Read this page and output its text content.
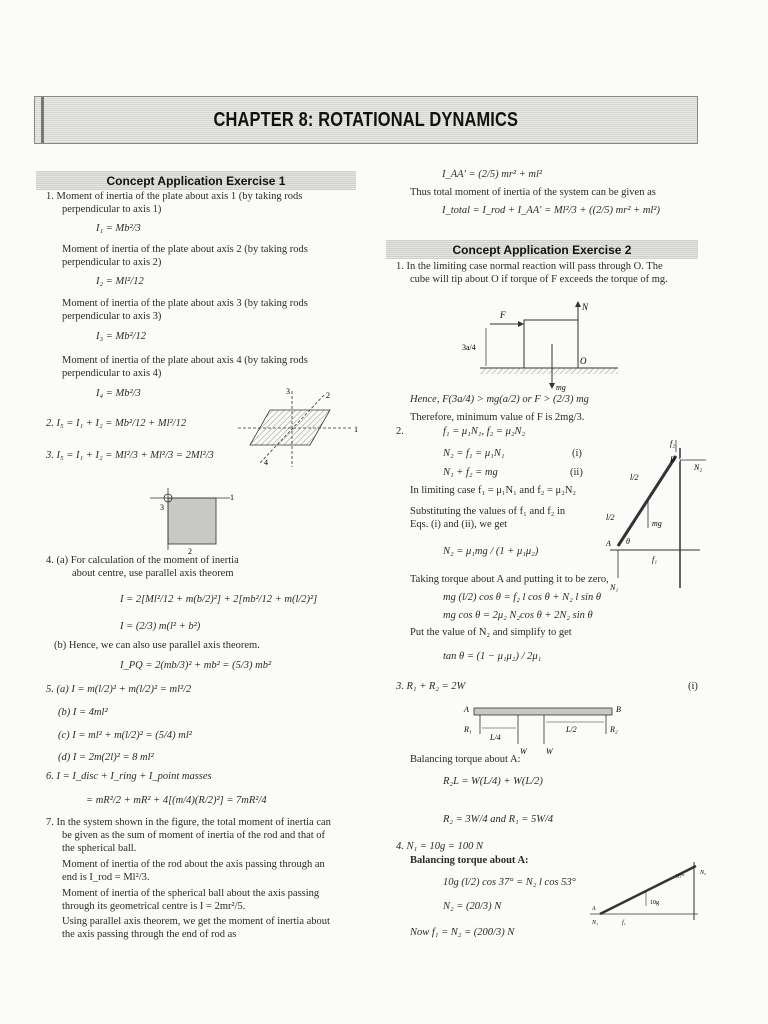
CHAPTER 8: ROTATIONAL DYNAMICS
Concept Application Exercise 1
Concept Application Exercise 2
1. Moment of inertia of the plate about axis 1 (by taking rods
perpendicular to axis 1)
I₁ = Mb²/3
Moment of inertia of the plate about axis 2 (by taking rods
perpendicular to axis 2)
I₂ = Ml²/12
Moment of inertia of the plate about axis 3 (by taking rods
perpendicular to axis 3)
I₃ = Mb²/12
Moment of inertia of the plate about axis 4 (by taking rods
perpendicular to axis 4)
I₄ = Mb²/3
2. I₅ = I₁ + I₂ = Mb²/12 + Ml²/12
3. I₅ = I₁ + I₂ = Ml²/3 + Ml²/3 = 2Ml²/3
4. (a) For calculation of the moment of inertia
about centre, use parallel axis theorem
I = 2[Ml²/12 + m(b/2)²] + 2[mb²/12 + m(l/2)²]
I = (2/3) m(l² + b²)
(b) Hence, we can also use parallel axis theorem.
I_PQ = 2(mb/3)² + mb² = (5/3) mb²
5. (a) I = m(l/2)² + m(l/2)² = ml²/2
(b) I = 4ml²
(c) I = ml² + m(l/2)² = (5/4) ml²
(d) I = 2m(2l)² = 8 ml²
6. I = I_disc + I_ring + I_point masses
= mR²/2 + mR² + 4[(m/4)(R/2)²] = 7mR²/4
7. In the system shown in the figure, the total moment of inertia can
be given as the sum of moment of inertia of the rod and that of
the spherical ball.
Moment of inertia of the rod about the axis passing through an
end is I_rod = Ml²/3.
Moment of inertia of the spherical ball about the axis passing
through its geometrical centre is I = 2mr²/5.
Using parallel axis theorem, we get the moment of inertia about
the axis passing through the end of rod as
I_AA′ = (2/5) mr² + ml²
Thus total moment of inertia of the system can be given as
I_total = I_rod + I_AA′ = Ml²/3 + ((2/5) mr² + ml²)
1. In the limiting case normal reaction will pass through O. The
cube will tip about O if torque of F exceeds the torque of mg.
Hence, F(3a/4) > mg(a/2) or F > (2/3) mg
Therefore, minimum value of F is 2mg/3.
2.	f₁ = μ₁N₁, f₂ = μ₂N₂
N₂ = f₁ = μ₁N₁	(i)
N₁ + f₂ = mg	(ii)
In limiting case f₁ = μ₁N₁ and f₂ = μ₂N₂
Substituting the values of f₁ and f₂ in
Eqs. (i) and (ii), we get
N₂ = μ₁mg / (1 + μ₁μ₂)
Taking torque about A and putting it to be zero,
mg (l/2) cos θ = f₂ l cos θ + N₂ l sin θ
mg cos θ = 2μ₂ N₂cos θ + 2N₂ sin θ
Put the value of N₂ and simplify to get
tan θ = (1 − μ₁μ₂) / 2μ₁
3. R₁ + R₂ = 2W	(i)
Balancing torque about A:
R₂L = W(L/4) + W(L/2)
R₂ = 3W/4 and R₁ = 5W/4
4. N₁ = 10g = 100 N
Balancing torque about A:
10g (l/2) cos 37° = N₂ l cos 53°
N₂ = (20/3) N
Now f₁ = N₂ = (200/3) N
3	2
4
1
1
3
2
F
N
3a/4
O
mg
f₂
B
N₂
l/2
l/2
mg
A θ
N₁
f₁
A	B
R₁
L/4
W W
L/2	R₂
37°
N₂
10g
A
N₁	f₁
